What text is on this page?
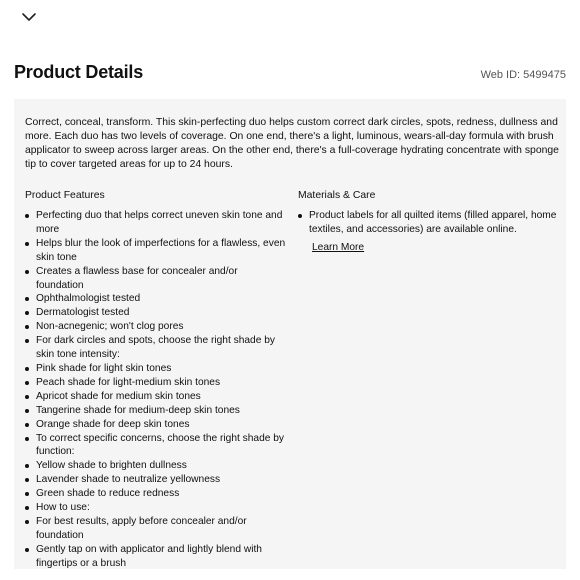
Product Details	Web ID: 5499475

Correct, conceal, transform. This skin-perfecting duo helps custom correct dark circles, spots, redness, dullness and more. Each duo has two levels of coverage. On one end, there's a light, luminous, wears-all-day formula with brush applicator to sweep across larger areas. On the other end, there's a full-coverage hydrating concentrate with sponge tip to cover targeted areas for up to 24 hours.

Product Features
Perfecting duo that helps correct uneven skin tone and more
Helps blur the look of imperfections for a flawless, even skin tone
Creates a flawless base for concealer and/or foundation
Ophthalmologist tested
Dermatologist tested
Non-acnegenic; won't clog pores
For dark circles and spots, choose the right shade by skin tone intensity:
Pink shade for light skin tones
Peach shade for light-medium skin tones
Apricot shade for medium skin tones
Tangerine shade for medium-deep skin tones
Orange shade for deep skin tones
To correct specific concerns, choose the right shade by function:
Yellow shade to brighten dullness
Lavender shade to neutralize yellowness
Green shade to reduce redness
How to use:
For best results, apply before concealer and/or foundation
Gently tap on with applicator and lightly blend with fingertips or a brush
Materials & Care
Product labels for all quilted items (filled apparel, home textiles, and accessories) are available online.
Learn More
